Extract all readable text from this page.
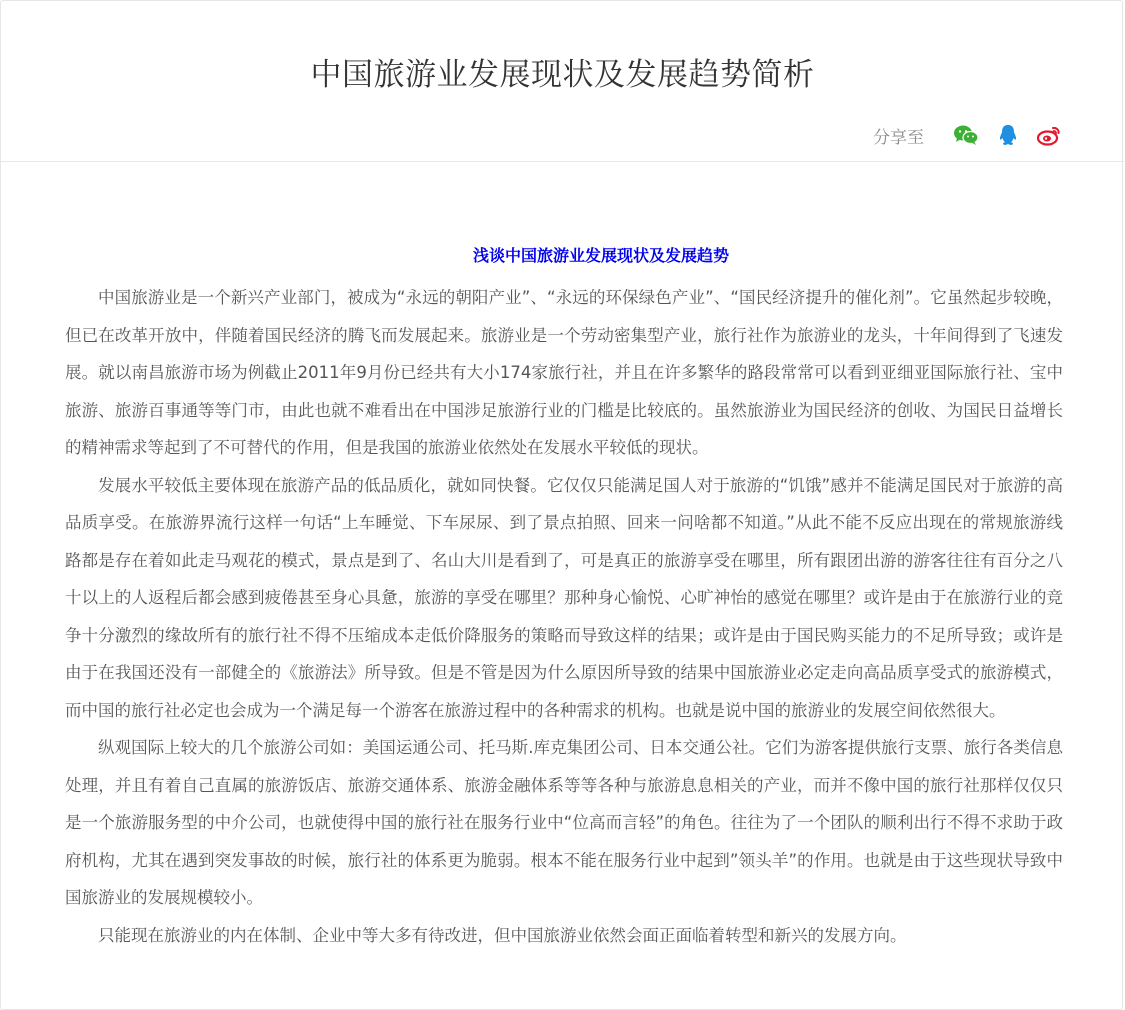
中国旅游业发展现状及发展趋势简析
分享至
浅谈中国旅游业发展现状及发展趋势

中国旅游业是一个新兴产业部门，被成为“永远的朝阳产业”、“永远的环保绿色产业”、“国民经济提升的催化剂”。它虽然起步较晚，但已在改革开放中，伴随着国民经济的腾飞而发展起来。旅游业是一个劳动密集型产业，旅行社作为旅游业的龙头，十年间得到了飞速发展。就以南昌旅游市场为例截止2011年9月份已经共有大小174家旅行社，并且在许多繁华的路段常常可以看到亚细亚国际旅行社、宝中旅游、旅游百事通等等门市，由此也就不难看出在中国涉足旅游行业的门槛是比较底的。虽然旅游业为国民经济的创收、为国民日益增长的精神需求等起到了不可替代的作用，但是我国的旅游业依然处在发展水平较低的现状。

发展水平较低主要体现在旅游产品的低品质化，就如同快餐。它仅仅只能满足国人对于旅游的“饥饿”感并不能满足国民对于旅游的高品质享受。在旅游界流行这样一句话“上车睡觉、下车尿尿、到了景点拍照、回来一问啥都不知道。”从此不能不反应出现在的常规旅游线路都是存在着如此走马观花的模式，景点是到了、名山大川是看到了，可是真正的旅游享受在哪里，所有跟团出游的游客往往有百分之八十以上的人返程后都会感到疲倦甚至身心具惫，旅游的享受在哪里？那种身心愉悦、心旷神怡的感觉在哪里？或许是由于在旅游行业的竞争十分激烈的缘故所有的旅行社不得不压缩成本走低价降服务的策略而导致这样的结果；或许是由于国民购买能力的不足所导致；或许是由于在我国还没有一部健全的《旅游法》所导致。但是不管是因为什么原因所导致的结果中国旅游业必定走向高品质享受式的旅游模式，而中国的旅行社必定也会成为一个满足每一个游客在旅游过程中的各种需求的机构。也就是说中国的旅游业的发展空间依然很大。

纵观国际上较大的几个旅游公司如：美国运通公司、托马斯.库克集团公司、日本交通公社。它们为游客提供旅行支票、旅行各类信息处理，并且有着自己直属的旅游饭店、旅游交通体系、旅游金融体系等等各种与旅游息息相关的产业，而并不像中国的旅行社那样仅仅只是一个旅游服务型的中介公司，也就使得中国的旅行社在服务行业中“位高而言轻”的角色。往往为了一个团队的顺利出行不得不求助于政府机构，尤其在遇到突发事故的时候，旅行社的体系更为脆弱。根本不能在服务行业中起到”领头羊”的作用。也就是由于这些现状导致中国旅游业的发展规模较小。

只能现在旅游业的内在体制、企业中等大多有待改进，但中国旅游业依然会面正面临着转型和新兴的发展方向。
